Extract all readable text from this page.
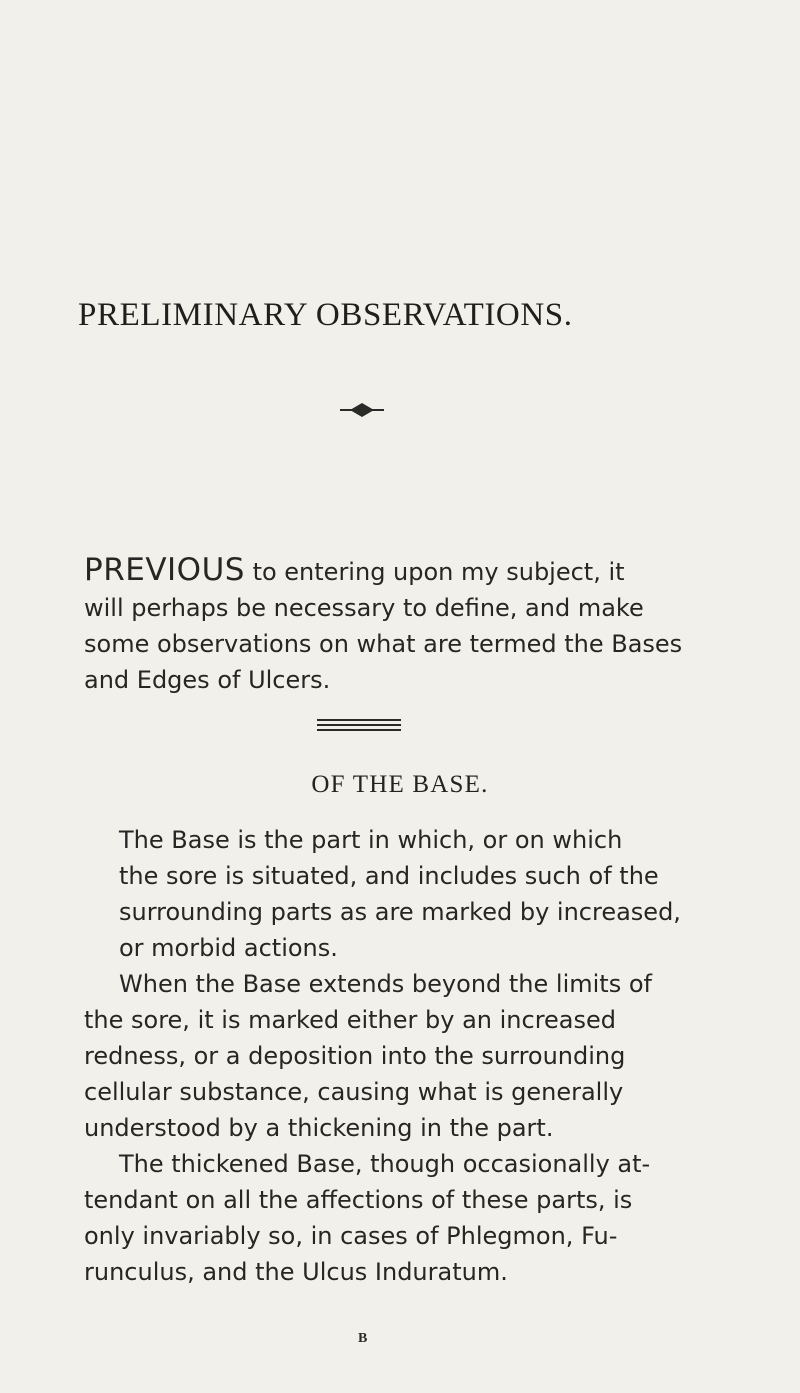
PRELIMINARY OBSERVATIONS.

PREVIOUS to entering upon my subject, it
will perhaps be necessary to define, and make
some observations on what are termed the Bases
and Edges of Ulcers.

OF THE BASE.
The Base is the part in which, or on which
the sore is situated, and includes such of the
surrounding parts as are marked by increased,
or morbid actions.
When the Base extends beyond the limits of
the sore, it is marked either by an increased
redness, or a deposition into the surrounding
cellular substance, causing what is generally
understood by a thickening in the part.
The thickened Base, though occasionally at-
tendant on all the affections of these parts, is
only invariably so, in cases of Phlegmon, Fu-
runculus, and the Ulcus Induratum.
B
